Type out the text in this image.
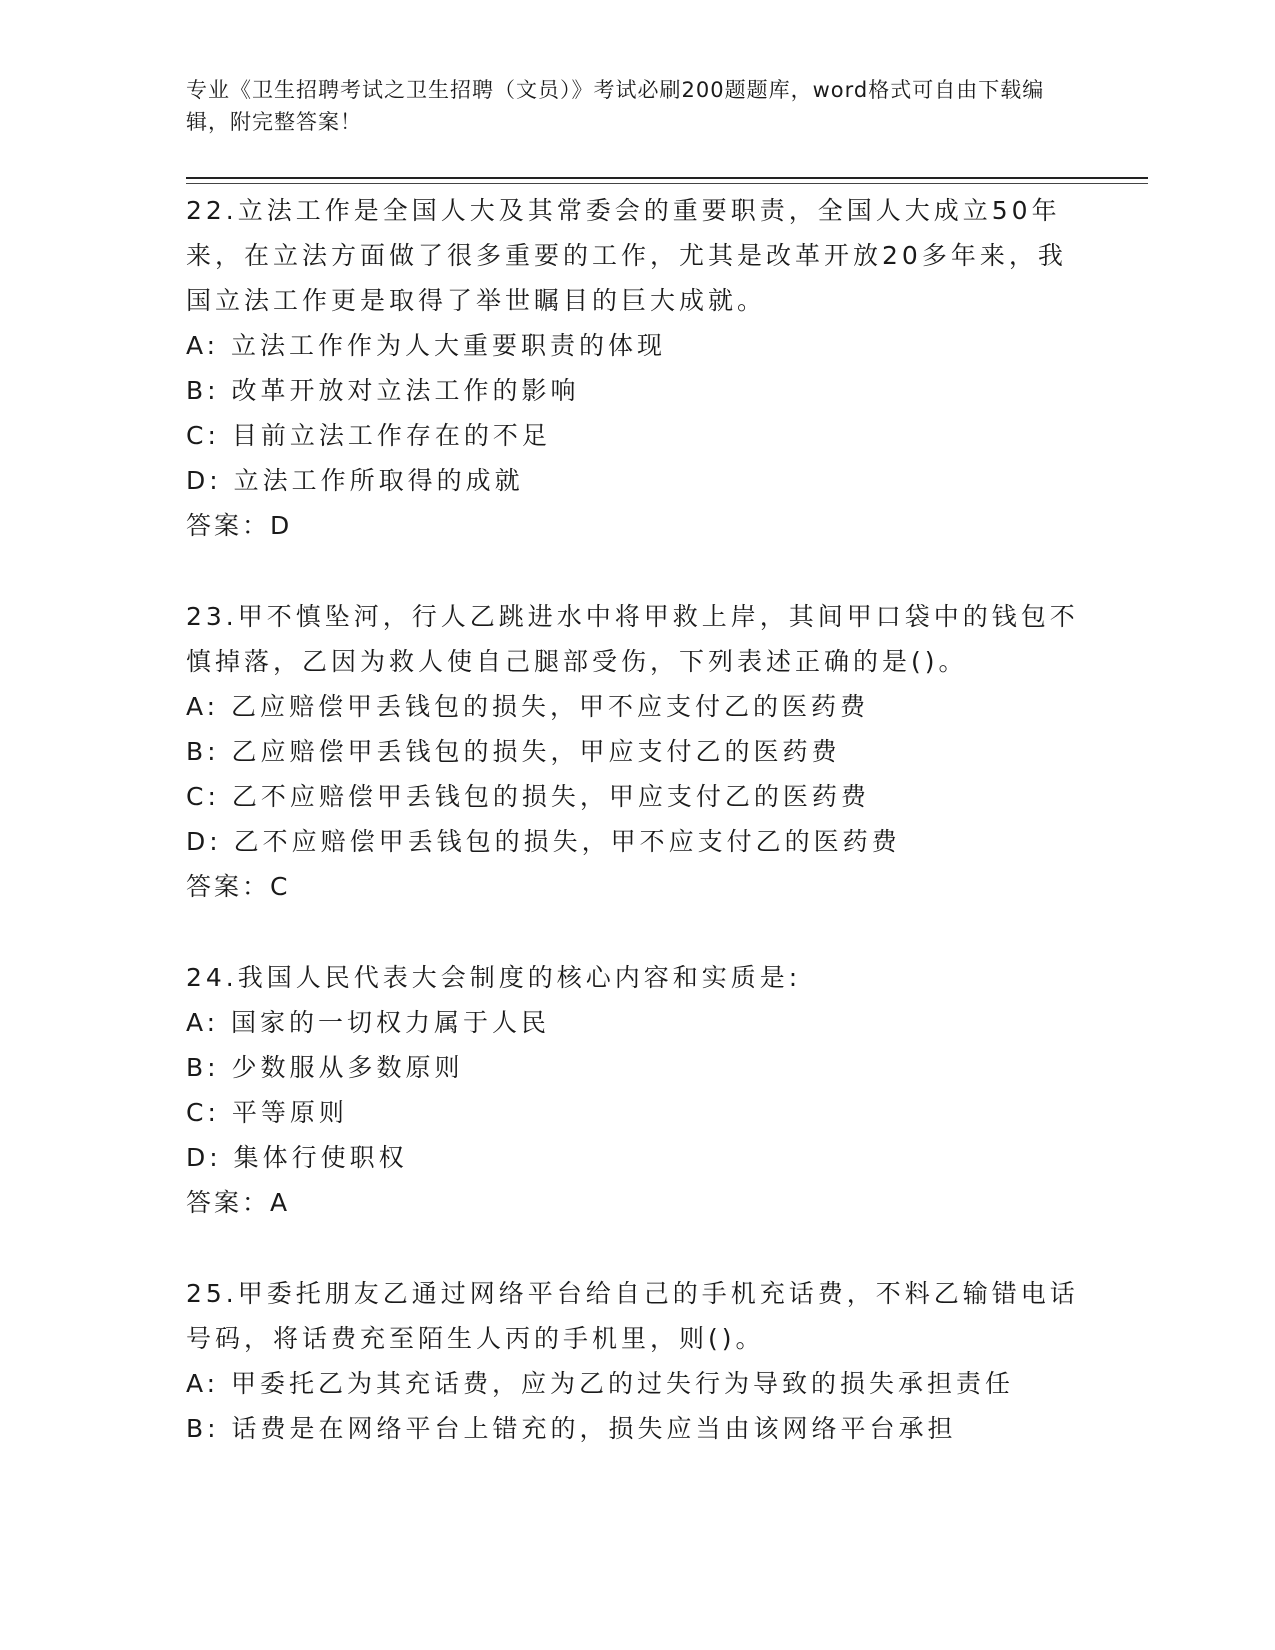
专业《卫生招聘考试之卫生招聘（文员）》考试必刷200题题库，word格式可自由下载编辑，附完整答案！

22.立法工作是全国人大及其常委会的重要职责，全国人大成立50年来，在立法方面做了很多重要的工作，尤其是改革开放20多年来，我国立法工作更是取得了举世瞩目的巨大成就。

A: 立法工作作为人大重要职责的体现

B: 改革开放对立法工作的影响

C: 目前立法工作存在的不足

D: 立法工作所取得的成就

答案：D

23.甲不慎坠河，行人乙跳进水中将甲救上岸，其间甲口袋中的钱包不慎掉落，乙因为救人使自己腿部受伤，下列表述正确的是()。

A: 乙应赔偿甲丢钱包的损失，甲不应支付乙的医药费

B: 乙应赔偿甲丢钱包的损失，甲应支付乙的医药费

C: 乙不应赔偿甲丢钱包的损失，甲应支付乙的医药费

D: 乙不应赔偿甲丢钱包的损失，甲不应支付乙的医药费

答案：C

24.我国人民代表大会制度的核心内容和实质是:

A: 国家的一切权力属于人民

B: 少数服从多数原则

C: 平等原则

D: 集体行使职权

答案：A

25.甲委托朋友乙通过网络平台给自己的手机充话费，不料乙输错电话号码，将话费充至陌生人丙的手机里，则()。

A: 甲委托乙为其充话费，应为乙的过失行为导致的损失承担责任

B: 话费是在网络平台上错充的，损失应当由该网络平台承担
